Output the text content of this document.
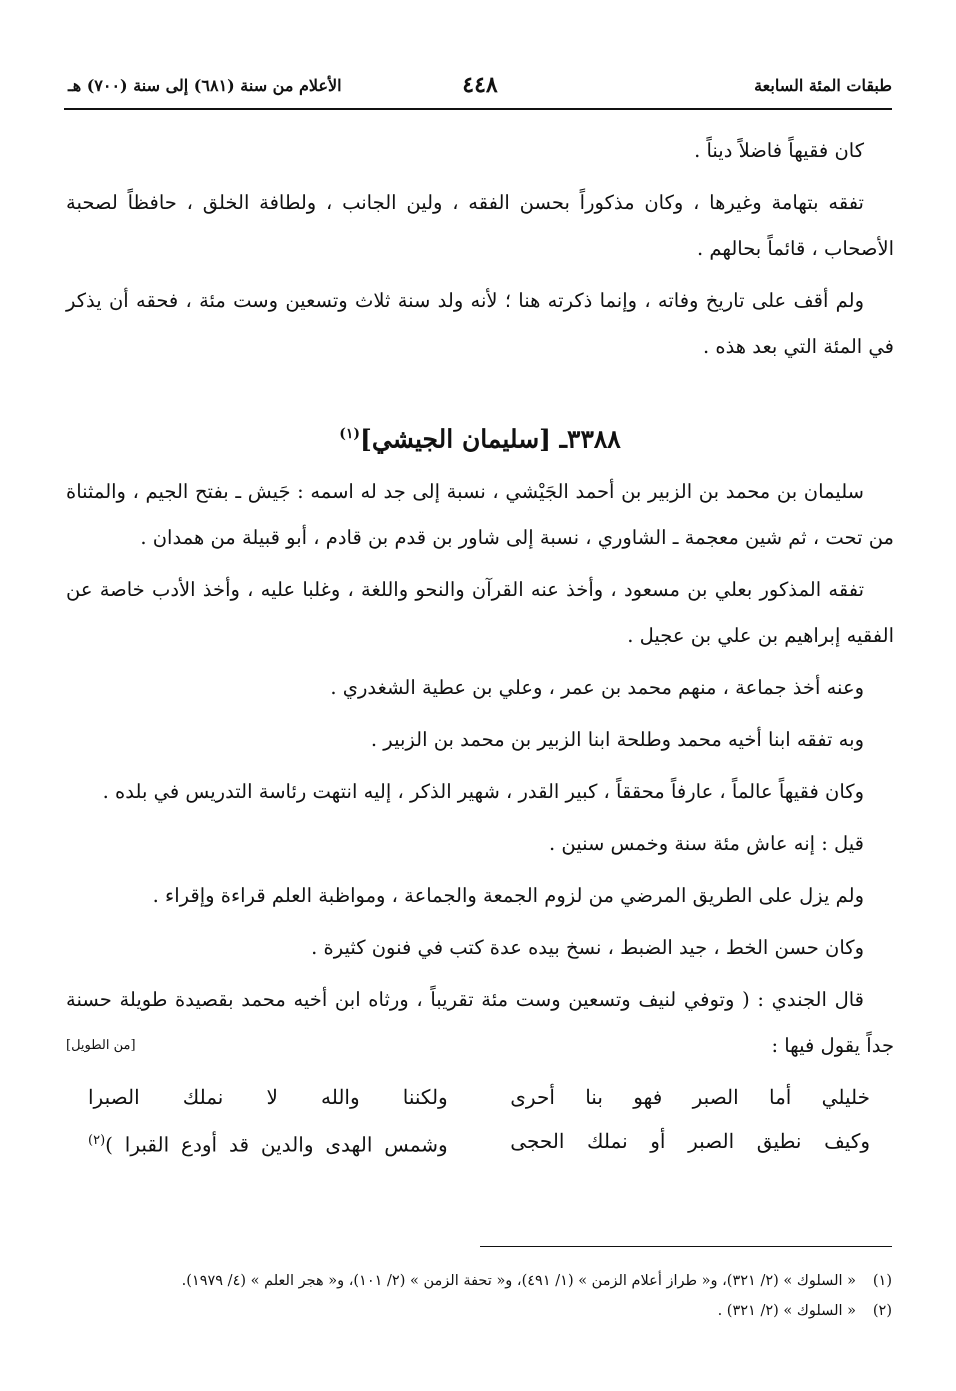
الأعلام من سنة (٦٨١) إلى سنة (٧٠٠) هـ	٤٤٨	طبقات المئة السابعة

كان فقيهاً فاضلاً ديناً .

تفقه بتهامة وغيرها ، وكان مذكوراً بحسن الفقه ، ولين الجانب ، ولطافة الخلق ، حافظاً لصحبة الأصحاب ، قائماً بحالهم .

ولم أقف على تاريخ وفاته ، وإنما ذكرته هنا ؛ لأنه ولد سنة ثلاث وتسعين وست مئة ، فحقه أن يذكر في المئة التي بعد هذه .

٣٣٨٨ـ [سليمان الجيشي]$^{(١)}$

سليمان بن محمد بن الزبير بن أحمد الجَيْشي ، نسبة إلى جد له اسمه : جَيش ـ بفتح الجيم ، والمثناة من تحت ، ثم شين معجمة ـ الشاوري ، نسبة إلى شاور بن قدم بن قادم ، أبو قبيلة من همدان .

تفقه المذكور بعلي بن مسعود ، وأخذ عنه القرآن والنحو واللغة ، وغلبا عليه ، وأخذ الأدب خاصة عن الفقيه إبراهيم بن علي بن عجيل .

وعنه أخذ جماعة ، منهم محمد بن عمر ، وعلي بن عطية الشغدري .

وبه تفقه ابنا أخيه محمد وطلحة ابنا الزبير بن محمد بن الزبير .

وكان فقيهاً عالماً ، عارفاً محققاً ، كبير القدر ، شهير الذكر ، إليه انتهت رئاسة التدريس في بلده .

قيل : إنه عاش مئة سنة وخمس سنين .

ولم يزل على الطريق المرضي من لزوم الجمعة والجماعة ، ومواظبة العلم قراءة وإقراء .

وكان حسن الخط ، جيد الضبط ، نسخ بيده عدة كتب في فنون كثيرة .

قال الجندي : ( وتوفي لنيف وتسعين وست مئة تقريباً ، ورثاه ابن أخيه محمد بقصيدة طويلة حسنة جداً يقول فيها :

[من الطويل]
خليلي أما الصبر فهو بنا أحرى
ولكننا والله لا نملك الصبرا
وكيف نطيق الصبر أو نملك الحجى
وشمس الهدى والدين قد أودع القبرا )$^{(٢)}$
(١)
« السلوك » (٢/ ٣٢١)، و« طراز أعلام الزمن » (١/ ٤٩١)، و« تحفة الزمن » (٢/ ١٠١)، و« هجر العلم » (٤/ ١٩٧٩).
(٢)
« السلوك » (٢/ ٣٢١) .
